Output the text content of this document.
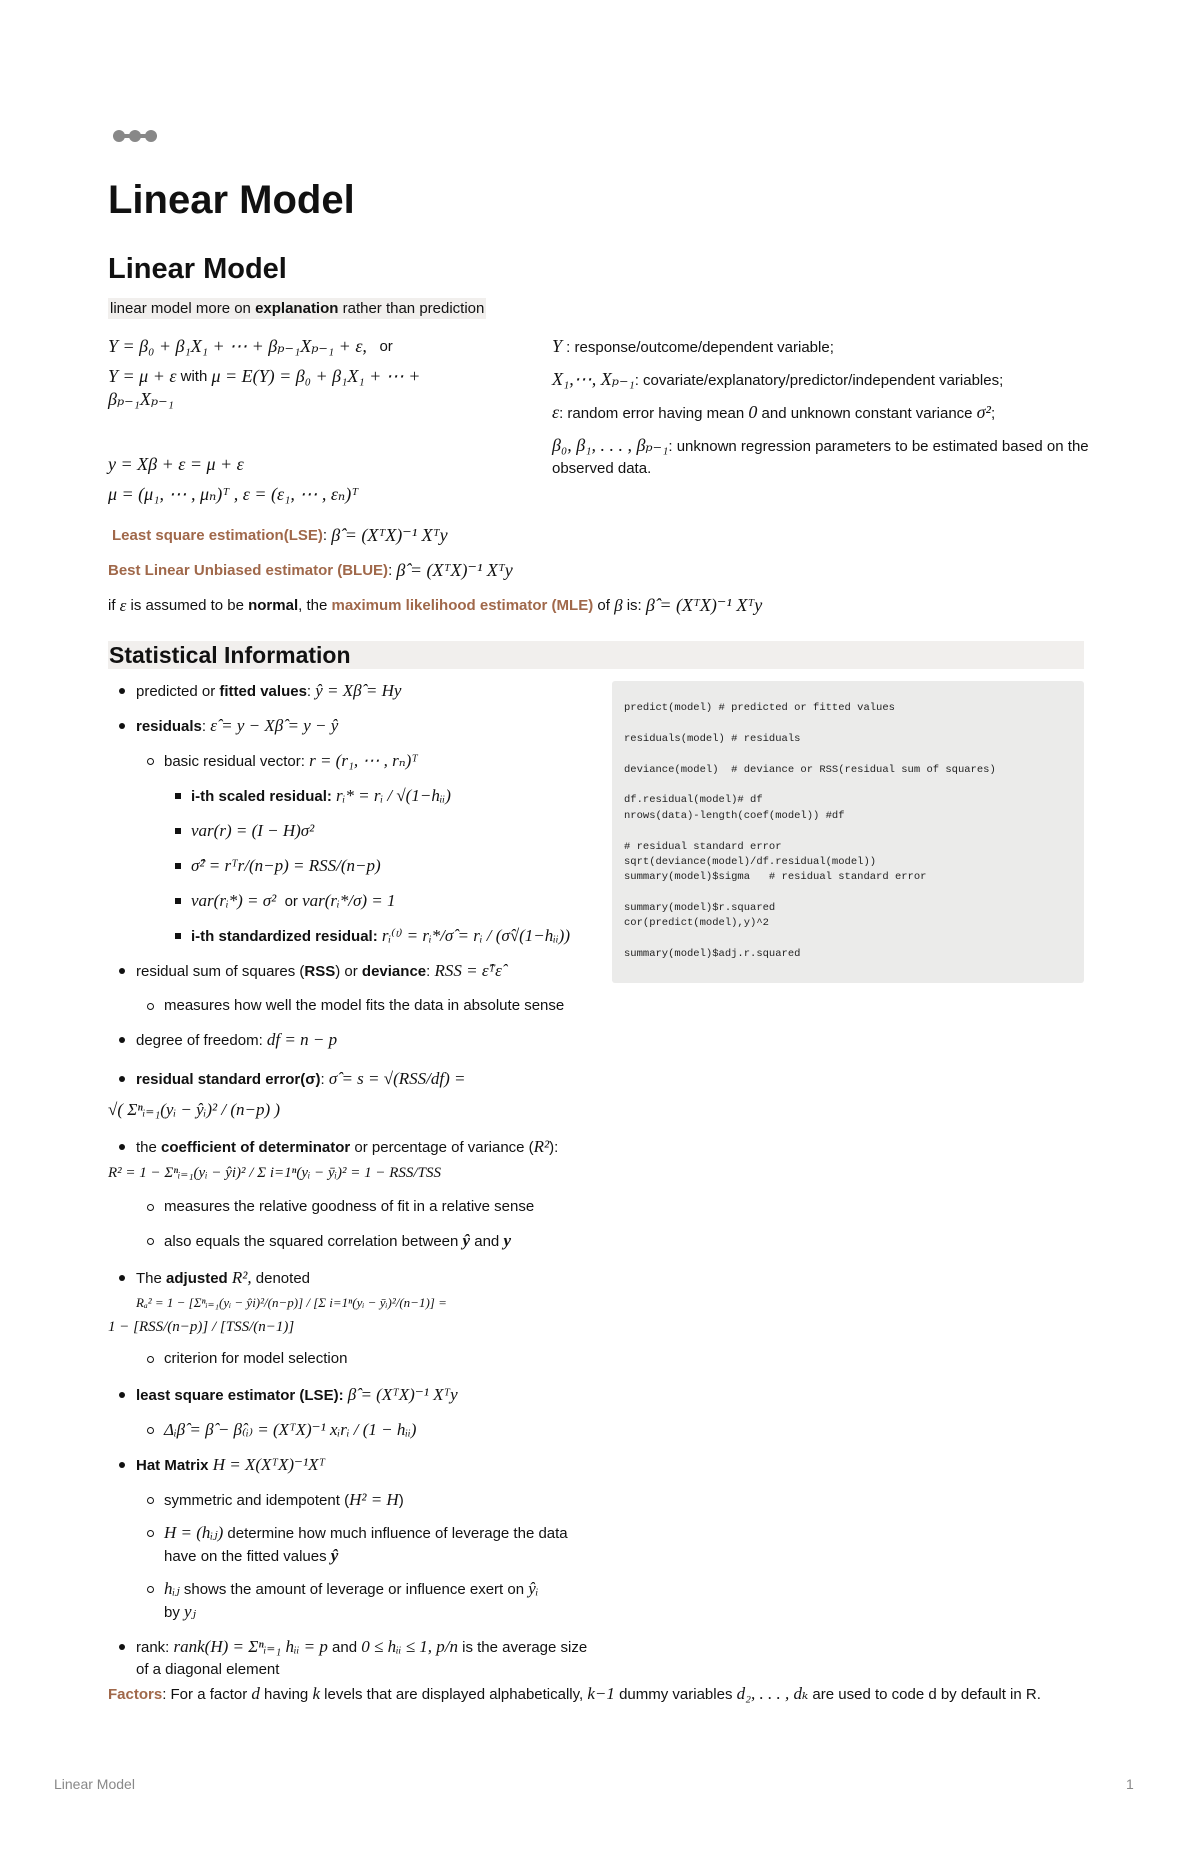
Linear Model
Linear Model
linear model more on explanation rather than prediction
Y = β₀ + β₁X₁ + ⋯ + βₚ₋₁Xₚ₋₁ + ε, or
Y = μ + ε with μ = E(Y) = β₀ + β₁X₁ + ⋯ +
βₚ₋₁Xₚ₋₁
y = Xβ + ε = μ + ε
μ = (μ₁, ⋯ , μₙ)ᵀ , ε = (ε₁, ⋯ , εₙ)ᵀ
Y : response/outcome/dependent variable;
X₁,⋯, Xₚ₋₁: covariate/explanatory/predictor/independent variables;
ε: random error having mean 0 and unknown constant variance σ²;
β₀, β₁, . . . , βₚ₋₁: unknown regression parameters to be estimated based on the observed data.
Least square estimation(LSE): β̂ = (XᵀX)⁻¹ Xᵀy
Best Linear Unbiased estimator (BLUE): β̂ = (XᵀX)⁻¹ Xᵀy
if ε is assumed to be normal, the maximum likelihood estimator (MLE) of β is: β̂ = (XᵀX)⁻¹ Xᵀy
Statistical Information
predicted or fitted values: ŷ = Xβ̂ = Hy
residuals: ε̂ = y − Xβ̂ = y − ŷ
basic residual vector: r = (r₁, ⋯ , rₙ)ᵀ
i-th scaled residual: rᵢ* = rᵢ / √(1−hᵢᵢ)
var(r) = (I − H)σ²
σ̂² = rᵀr/(n−p) = RSS/(n−p)
var(rᵢ*) = σ² or var(rᵢ*/σ) = 1
i-th standardized residual: rᵢ⁽ᵗ⁾ = rᵢ*/σ̂ = rᵢ / (σ̂√(1−hᵢᵢ))
residual sum of squares (RSS) or deviance: RSS = ε̂ᵀε̂
measures how well the model fits the data in absolute sense
degree of freedom: df = n − p
residual standard error(σ): σ̂ = s = √(RSS/df) =
√( Σⁿᵢ₌₁(yᵢ − ŷᵢ)² / (n−p) )
the coefficient of determinator or percentage of variance (R²):
R² = 1 − Σⁿᵢ₌₁(yᵢ − ŷi)² / Σ i=1ⁿ(yᵢ − ȳᵢ)² = 1 − RSS/TSS
measures the relative goodness of fit in a relative sense
also equals the squared correlation between ŷ and y
The adjusted R², denoted
Rₐ² = 1 − [Σⁿᵢ₌₁(yᵢ − ŷi)²/(n−p)] / [Σ i=1ⁿ(yᵢ − ȳᵢ)²/(n−1)] =
1 − [RSS/(n−p)] / [TSS/(n−1)]
criterion for model selection
least square estimator (LSE): β̂ = (XᵀX)⁻¹ Xᵀy
Δᵢβ̂ = β̂ − β̂₍ᵢ₎ = (XᵀX)⁻¹ xᵢrᵢ / (1 − hᵢᵢ)
Hat Matrix H = X(XᵀX)⁻¹Xᵀ
symmetric and idempotent (H² = H)
H = (hᵢⱼ) determine how much influence of leverage the data have on the fitted values ŷ
hᵢⱼ shows the amount of leverage or influence exert on ŷᵢ
by yⱼ
rank: rank(H) = Σⁿᵢ₌₁ hᵢᵢ = p and 0 ≤ hᵢᵢ ≤ 1, p/n is the average size of a diagonal element
predict(model) # predicted or fitted values
residuals(model) # residuals
deviance(model)  # deviance or RSS(residual sum of squares)
df.residual(model)# df
nrows(data)-length(coef(model)) #df
# residual standard error
sqrt(deviance(model)/df.residual(model))
summary(model)$sigma   # residual standard error
summary(model)$r.squared
cor(predict(model),y)^2
summary(model)$adj.r.squared
Factors: For a factor d having k levels that are displayed alphabetically, k−1 dummy variables d₂, . . . , dₖ are used to code d by default in R.
Linear Model	1
